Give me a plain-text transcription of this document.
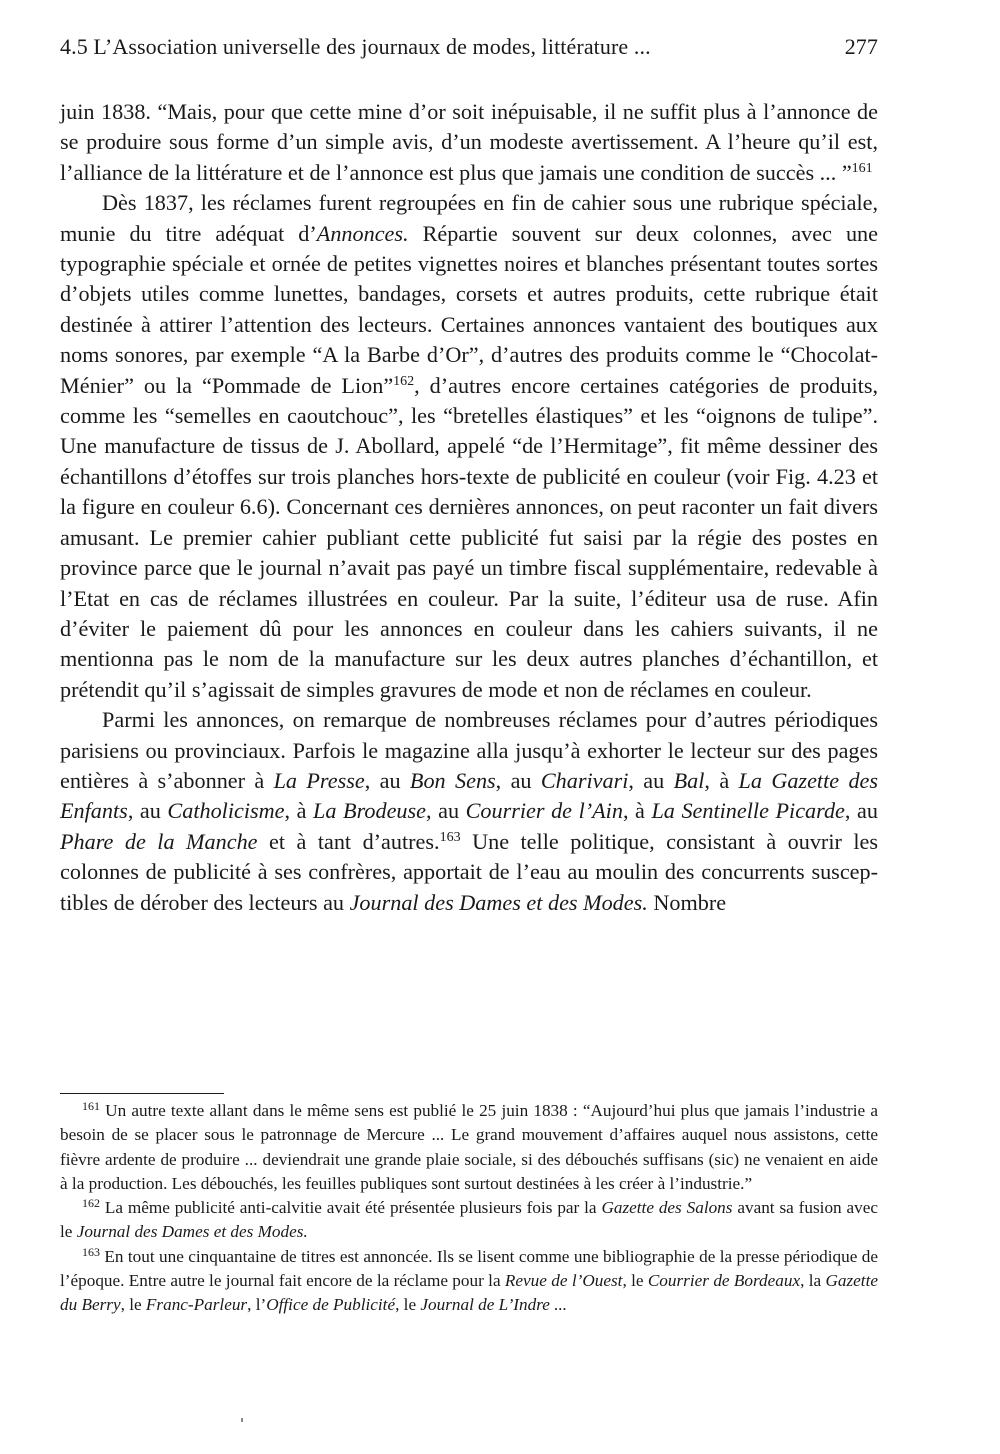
4.5 L’Association universelle des journaux de modes, littérature ...	277

juin 1838. “Mais, pour que cette mine d’or soit inépuisable, il ne suffit plus à l’annonce de se produire sous forme d’un simple avis, d’un modeste avertissement. A l’heure qu’il est, l’alliance de la littérature et de l’annonce est plus que jamais une condition de succès ... ”$^{161}$

Dès 1837, les réclames furent regroupées en fin de cahier sous une rubrique spéciale, munie du titre adéquat d’Annonces. Répartie souvent sur deux colonnes, avec une typographie spéciale et ornée de petites vignettes noires et blanches présentant toutes sortes d’objets utiles comme lunettes, bandages, corsets et autres produits, cette rubrique était destinée à attirer l’attention des lecteurs. Certaines annonces vantaient des boutiques aux noms sonores, par exemple “A la Barbe d’Or”, d’autres des produits comme le “Chocolat-Ménier” ou la “Pommade de Lion”$^{162}$, d’autres encore certaines catégories de produits, comme les “semelles en caoutchouc”, les “bretelles élastiques” et les “oignons de tulipe”. Une manufacture de tissus de J. Abollard, appelé “de l’Hermitage”, fit même dessiner des échantillons d’étoffes sur trois planches hors-texte de publicité en couleur (voir Fig. 4.23 et la figure en couleur 6.6). Concernant ces dernières annonces, on peut raconter un fait divers amusant. Le premier cahier publiant cette publicité fut saisi par la régie des postes en province parce que le journal n’avait pas payé un timbre fiscal supplémentaire, redevable à l’Etat en cas de réclames illustrées en couleur. Par la suite, l’éditeur usa de ruse. Afin d’éviter le paiement dû pour les annonces en couleur dans les cahiers suivants, il ne mentionna pas le nom de la manufacture sur les deux autres planches d’échantillon, et prétendit qu’il s’agissait de simples gravures de mode et non de réclames en couleur.

Parmi les annonces, on remarque de nombreuses réclames pour d’autres périodiques parisiens ou provinciaux. Parfois le magazine alla jusqu’à exhorter le lecteur sur des pages entières à s’abonner à La Presse, au Bon Sens, au Charivari, au Bal, à La Gazette des Enfants, au Catholicisme, à La Brodeuse, au Courrier de l’Ain, à La Sentinelle Picarde, au Phare de la Manche et à tant d’autres.$^{163}$ Une telle politique, consistant à ouvrir les colonnes de publicité à ses confrères, apportait de l’eau au moulin des concurrents susceptibles de dérober des lecteurs au Journal des Dames et des Modes. Nombre

$^{161}$ Un autre texte allant dans le même sens est publié le 25 juin 1838 : “Aujourd’hui plus que jamais l’industrie a besoin de se placer sous le patronnage de Mercure ... Le grand mouvement d’affaires auquel nous assistons, cette fièvre ardente de produire ... deviendrait une grande plaie sociale, si des débouchés suffisans (sic) ne venaient en aide à la production. Les débouchés, les feuilles publiques sont surtout destinées à les créer à l’industrie.”

$^{162}$ La même publicité anti-calvitie avait été présentée plusieurs fois par la Gazette des Salons avant sa fusion avec le Journal des Dames et des Modes.

$^{163}$ En tout une cinquantaine de titres est annoncée. Ils se lisent comme une bibliographie de la presse périodique de l’époque. Entre autre le journal fait encore de la réclame pour la Revue de l’Ouest, le Courrier de Bordeaux, la Gazette du Berry, le Franc-Parleur, l’Office de Publicité, le Journal de L’Indre ...
